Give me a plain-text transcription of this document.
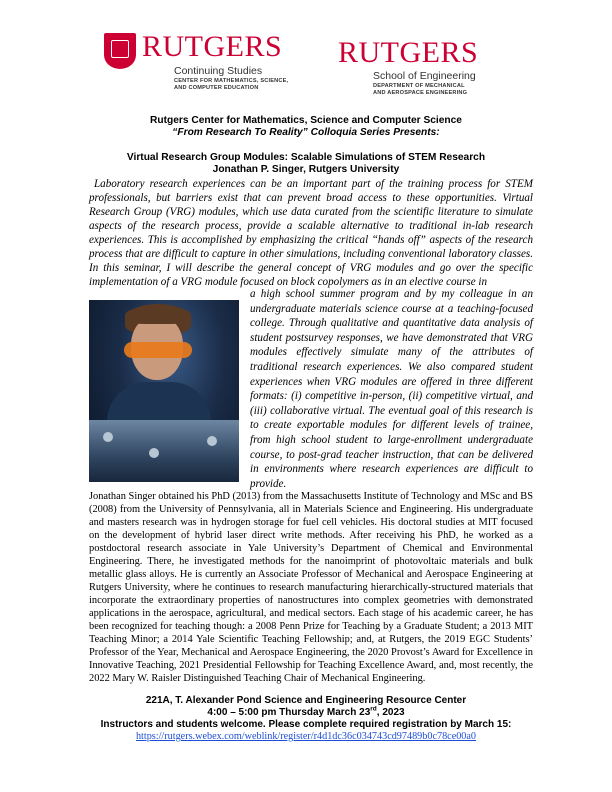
RUTGERS
Continuing Studies
CENTER FOR MATHEMATICS, SCIENCE,
AND COMPUTER EDUCATION
RUTGERS
School of Engineering
DEPARTMENT OF MECHANICAL
AND AEROSPACE ENGINEERING
Rutgers Center for Mathematics, Science and Computer Science
“From Research To Reality” Colloquia Series Presents:
Virtual Research Group Modules: Scalable Simulations of STEM Research
Jonathan P. Singer, Rutgers University

Laboratory research experiences can be an important part of the training process for STEM professionals, but barriers exist that can prevent broad access to these opportunities. Virtual Research Group (VRG) modules, which use data curated from the scientific literature to simulate aspects of the research process, provide a scalable alternative to traditional in-lab research experiences. This is accomplished by emphasizing the critical “hands off” aspects of the research process that are difficult to capture in other simulations, including conventional laboratory classes. In this seminar, I will describe the general concept of VRG modules and go over the specific implementation of a VRG module focused on block copolymers as in an elective course in

a high school summer program and by my colleague in an undergraduate materials science course at a teaching-focused college. Through qualitative and quantitative data analysis of student postsurvey responses, we have demonstrated that VRG modules effectively simulate many of the attributes of traditional research experiences. We also compared student experiences when VRG modules are offered in three different formats: (i) competitive in-person, (ii) competitive virtual, and (iii) collaborative virtual. The eventual goal of this research is to create exportable modules for different levels of trainee, from high school student to large-enrollment undergraduate course, to post-grad teacher instruction, that can be delivered in environments where research experiences are difficult to provide.

Jonathan Singer obtained his PhD (2013) from the Massachusetts Institute of Technology and MSc and BS (2008) from the University of Pennsylvania, all in Materials Science and Engineering. His undergraduate and masters research was in hydrogen storage for fuel cell vehicles. His doctoral studies at MIT focused on the development of hybrid laser direct write methods. After receiving his PhD, he worked as a postdoctoral research associate in Yale University’s Department of Chemical and Environmental Engineering. There, he investigated methods for the nanoimprint of photovoltaic materials and bulk metallic glass alloys. He is currently an Associate Professor of Mechanical and Aerospace Engineering at Rutgers University, where he continues to research manufacturing hierarchically-structured materials that incorporate the extraordinary properties of nanostructures into complex geometries with demonstrated applications in the aerospace, agricultural, and medical sectors. Each stage of his academic career, he has been recognized for teaching though: a 2008 Penn Prize for Teaching by a Graduate Student; a 2013 MIT Teaching Minor; a 2014 Yale Scientific Teaching Fellowship; and, at Rutgers, the 2019 EGC Students’ Professor of the Year, Mechanical and Aerospace Engineering, the 2020 Provost’s Award for Excellence in Innovative Teaching, 2021 Presidential Fellowship for Teaching Excellence Award, and, most recently, the 2022 Mary W. Raisler Distinguished Teaching Chair of Mechanical Engineering.

221A, T. Alexander Pond Science and Engineering Resource Center
4:00 – 5:00 pm Thursday March 23rd, 2023
Instructors and students welcome. Please complete required registration by March 15:
https://rutgers.webex.com/weblink/register/r4d1dc36c034743cd97489b0c78ce00a0
